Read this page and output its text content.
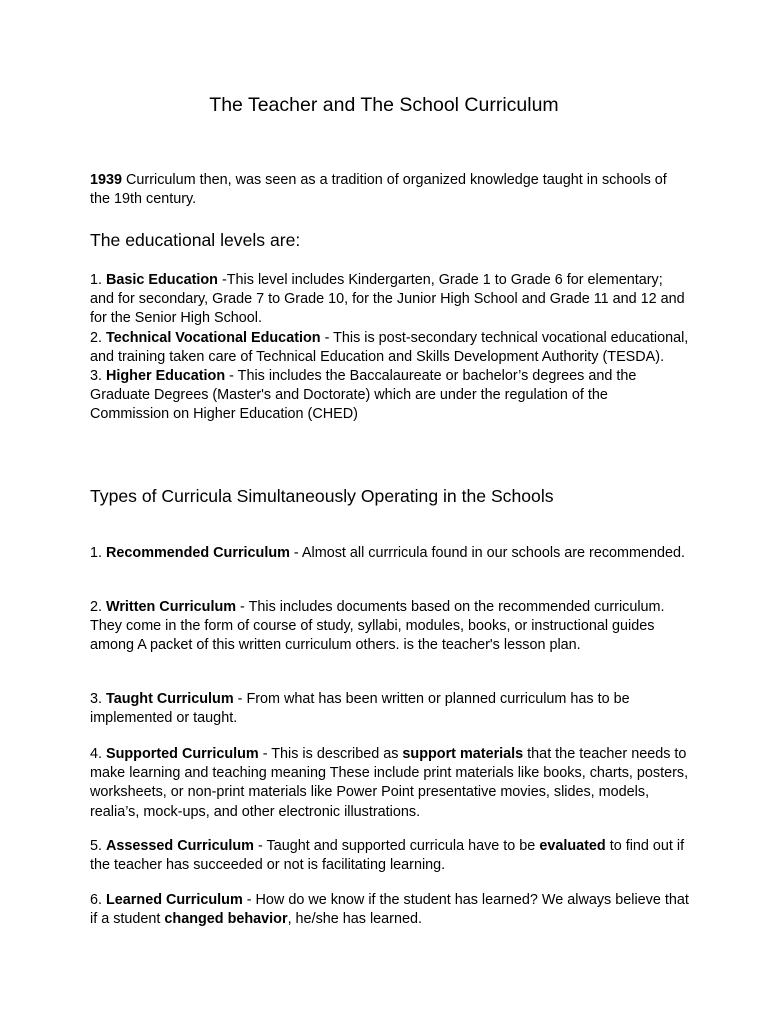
The Teacher and The School Curriculum

1939 Curriculum then, was seen as a tradition of organized knowledge taught in schools of the 19th century.

The educational levels are:
1. Basic Education -This level includes Kindergarten, Grade 1 to Grade 6 for elementary; and for secondary, Grade 7 to Grade 10, for the Junior High School and Grade 11 and 12 and for the Senior High School.
2. Technical Vocational Education - This is post-secondary technical vocational educational, and training taken care of Technical Education and Skills Development Authority (TESDA).
3. Higher Education - This includes the Baccalaureate or bachelor’s degrees and the Graduate Degrees (Master's and Doctorate) which are under the regulation of the Commission on Higher Education (CHED)
Types of Curricula Simultaneously Operating in the Schools

1. Recommended Curriculum - Almost all currricula found in our schools are recommended.

2. Written Curriculum - This includes documents based on the recommended curriculum. They come in the form of course of study, syllabi, modules, books, or instructional guides among A packet of this written curriculum others. is the teacher's lesson plan.

3. Taught Curriculum - From what has been written or planned curriculum has to be implemented or taught.

4. Supported Curriculum - This is described as support materials that the teacher needs to make learning and teaching meaning These include print materials like books, charts, posters, worksheets, or non-print materials like Power Point presentative movies, slides, models, realia’s, mock-ups, and other electronic illustrations.

5. Assessed Curriculum - Taught and supported curricula have to be evaluated to find out if the teacher has succeeded or not is facilitating learning.

6. Learned Curriculum - How do we know if the student has learned? We always believe that if a student changed behavior, he/she has learned.
